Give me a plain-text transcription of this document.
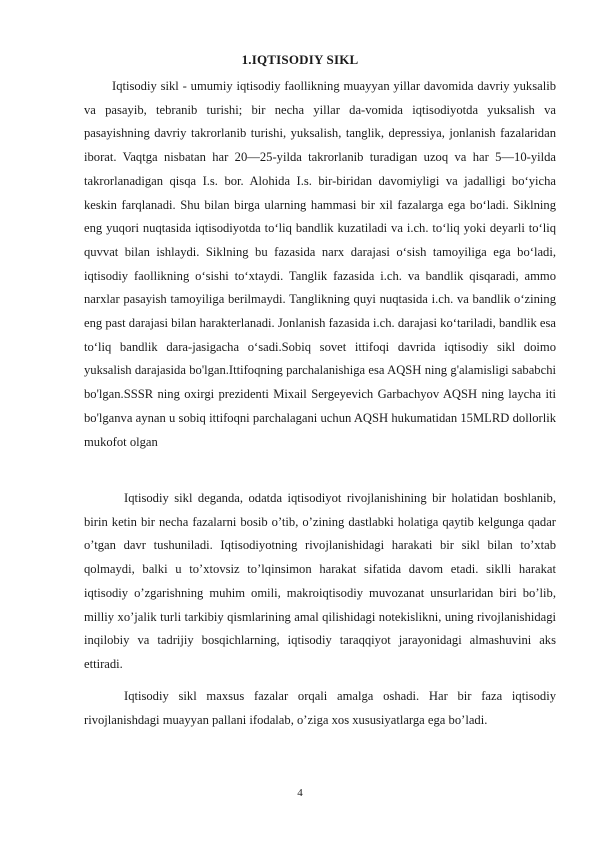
1.IQTISODIY SIKL

Iqtisodiy sikl - umumiy iqtisodiy faollikning muayyan yillar davomida davriy yuksalib va pasayib, tebranib turishi; bir necha yillar da-vomida iqtisodiyotda yuksalish va pasayishning davriy takrorlanib turishi, yuksalish, tanglik, depressiya, jonlanish fazalaridan iborat. Vaqtga nisbatan har 20—25-yilda takrorlanib turadigan uzoq va har 5—10-yilda takrorlanadigan qisqa I.s. bor. Alohida I.s. bir-biridan davomiyligi va jadalligi bo‘yicha keskin farqlanadi. Shu bilan birga ularning hammasi bir xil fazalarga ega bo‘ladi. Siklning eng yuqori nuqtasida iqtisodiyotda to‘liq bandlik kuzatiladi va i.ch. to‘liq yoki deyarli to‘liq quvvat bilan ishlaydi. Siklning bu fazasida narx darajasi o‘sish tamoyiliga ega bo‘ladi, iqtisodiy faollikning o‘sishi to‘xtaydi. Tanglik fazasida i.ch. va bandlik qisqaradi, ammo narxlar pasayish tamoyiliga berilmaydi. Tanglikning quyi nuqtasida i.ch. va bandlik o‘zining eng past darajasi bilan harakterlanadi. Jonlanish fazasida i.ch. darajasi ko‘tariladi, bandlik esa to‘liq bandlik dara-jasigacha o‘sadi.Sobiq sovet ittifoqi davrida iqtisodiy sikl doimo yuksalish darajasida bo'lgan.Ittifoqning parchalanishiga esa AQSH ning g'alamisligi sababchi bo'lgan.SSSR ning oxirgi prezidenti Mixail Sergeyevich Garbachyov AQSH ning laycha iti bo'lganva aynan u sobiq ittifoqni parchalagani uchun AQSH hukumatidan 15MLRD dollorlik mukofot olgan

Iqtisodiy sikl deganda, odatda iqtisodiyot rivojlanishining bir holatidan boshlanib, birin ketin bir necha fazalarni bosib o’tib, o’zining dastlabki holatiga qaytib kelgunga qadar o’tgan davr tushuniladi. Iqtisodiyotning rivojlanishidagi harakati bir sikl bilan to’xtab qolmaydi, balki u to’xtovsiz to’lqinsimon harakat sifatida davom etadi. siklli harakat iqtisodiy o’zgarishning muhim omili, makroiqtisodiy muvozanat unsurlaridan biri bo’lib, milliy xo’jalik turli tarkibiy qismlarining amal qilishidagi notekislikni, uning rivojlanishidagi inqilobiy va tadrijiy bosqichlarning, iqtisodiy taraqqiyot jarayonidagi almashuvini aks ettiradi.

Iqtisodiy sikl maxsus fazalar orqali amalga oshadi. Har bir faza iqtisodiy rivojlanishdagi muayyan pallani ifodalab, o’ziga xos xususiyatlarga ega bo’ladi.

4
